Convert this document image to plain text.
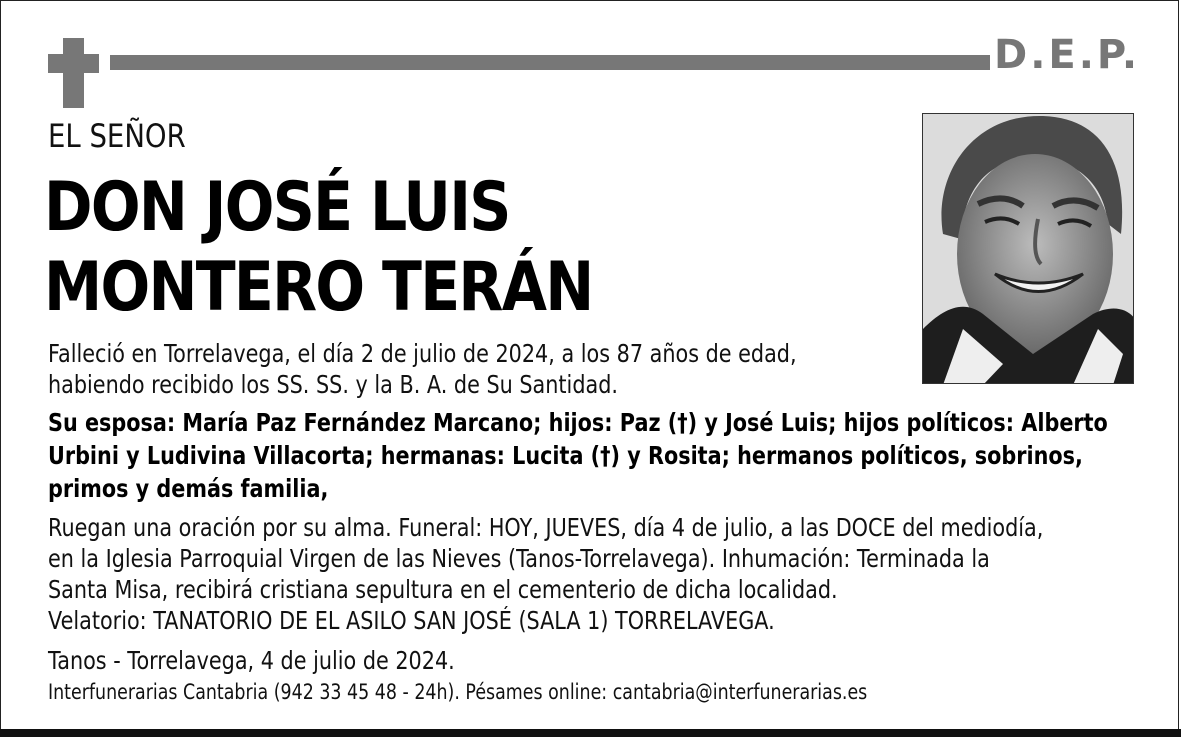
D.E.P.
EL SEÑOR
DON JOSÉ LUIS
MONTERO TERÁN
Falleció en Torrelavega, el día 2 de julio de 2024, a los 87 años de edad,
habiendo recibido los SS. SS. y la B. A. de Su Santidad.
Su esposa: María Paz Fernández Marcano; hijos: Paz (†) y José Luis; hijos políticos: Alberto
Urbini y Ludivina Villacorta; hermanas: Lucita (†) y Rosita; hermanos políticos, sobrinos,
primos y demás familia,
Ruegan una oración por su alma. Funeral: HOY, JUEVES, día 4 de julio, a las DOCE del mediodía,
en la Iglesia Parroquial Virgen de las Nieves (Tanos-Torrelavega). Inhumación: Terminada la
Santa Misa, recibirá cristiana sepultura en el cementerio de dicha localidad.
Velatorio: TANATORIO DE EL ASILO SAN JOSÉ (SALA 1) TORRELAVEGA.
Tanos - Torrelavega, 4 de julio de 2024.
Interfunerarias Cantabria (942 33 45 48 - 24h). Pésames online: cantabria@interfunerarias.es
